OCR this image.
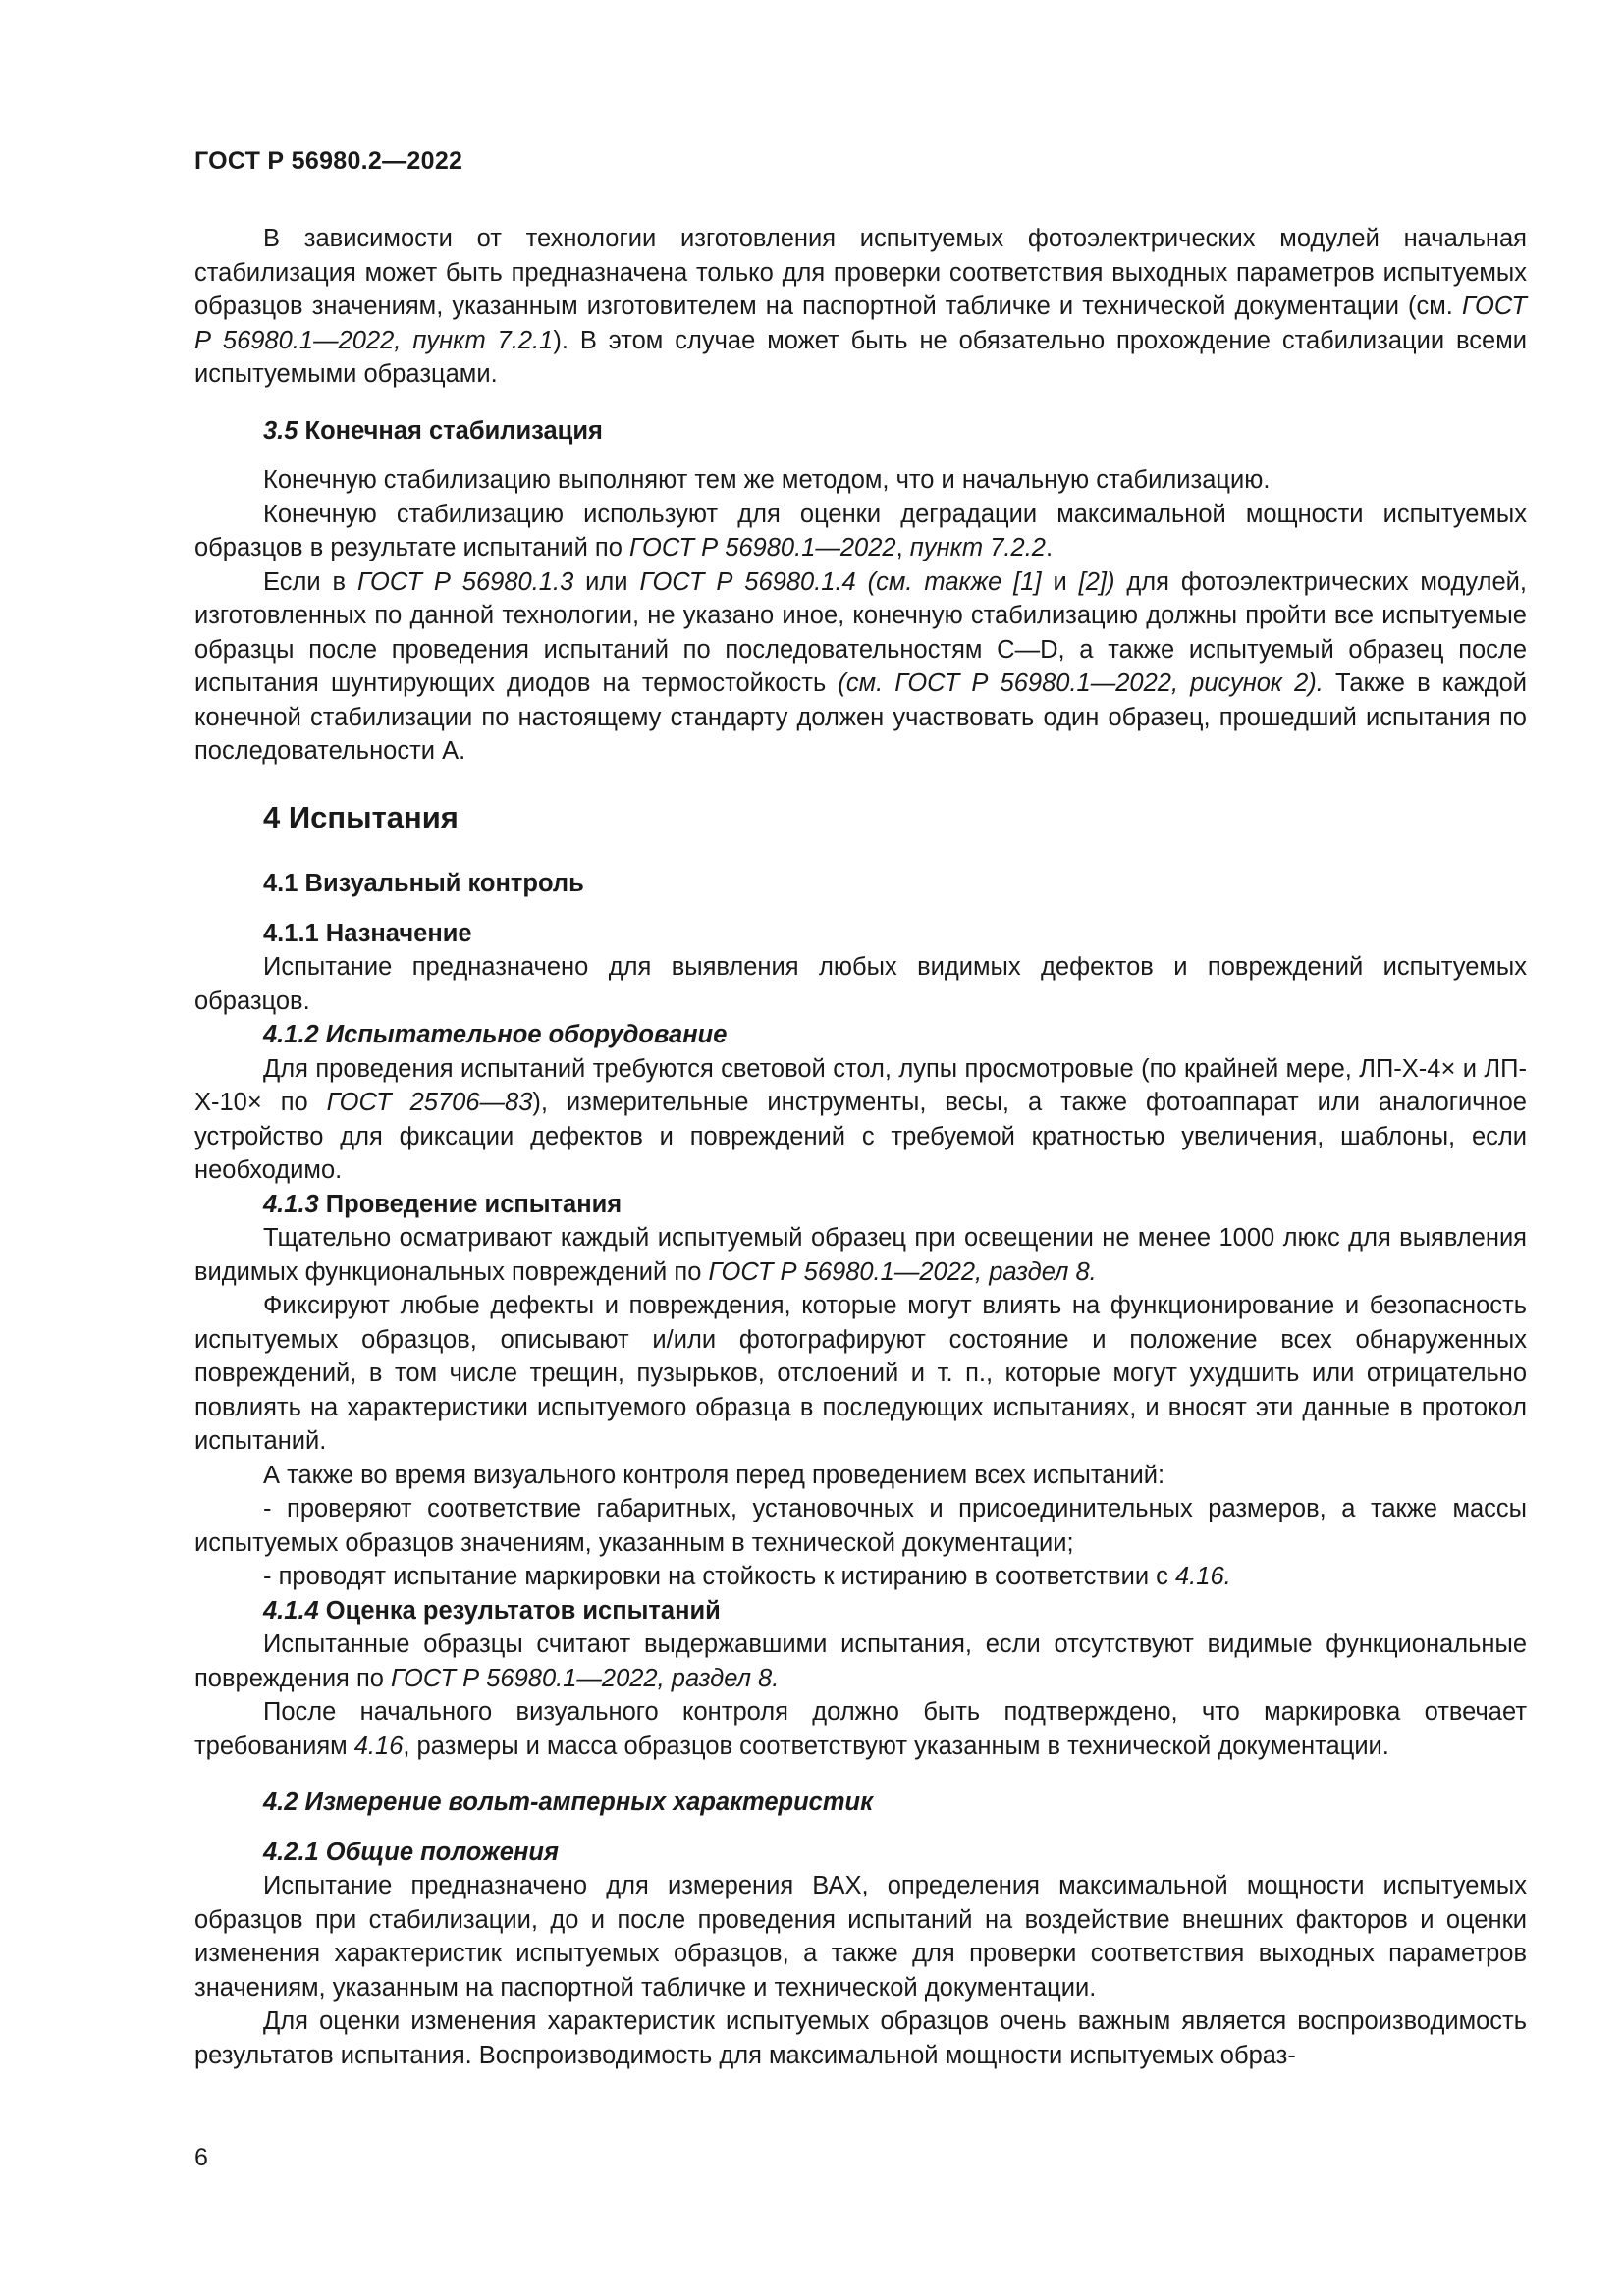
ГОСТ Р 56980.2—2022

В зависимости от технологии изготовления испытуемых фотоэлектрических модулей начальная стабилизация может быть предназначена только для проверки соответствия выходных параметров испытуемых образцов значениям, указанным изготовителем на паспортной табличке и технической документации (см. ГОСТ Р 56980.1—2022, пункт 7.2.1). В этом случае может быть не обязательно прохождение стабилизации всеми испытуемыми образцами.

3.5 Конечная стабилизация

Конечную стабилизацию выполняют тем же методом, что и начальную стабилизацию.

Конечную стабилизацию используют для оценки деградации максимальной мощности испытуемых образцов в результате испытаний по ГОСТ Р 56980.1—2022, пункт 7.2.2.

Если в ГОСТ Р 56980.1.3 или ГОСТ Р 56980.1.4 (см. также [1] и [2]) для фотоэлектрических модулей, изготовленных по данной технологии, не указано иное, конечную стабилизацию должны пройти все испытуемые образцы после проведения испытаний по последовательностям C—D, а также испытуемый образец после испытания шунтирующих диодов на термостойкость (см. ГОСТ Р 56980.1—2022, рисунок 2). Также в каждой конечной стабилизации по настоящему стандарту должен участвовать один образец, прошедший испытания по последовательности А.

4 Испытания

4.1 Визуальный контроль

4.1.1 Назначение

Испытание предназначено для выявления любых видимых дефектов и повреждений испытуемых образцов.

4.1.2 Испытательное оборудование

Для проведения испытаний требуются световой стол, лупы просмотровые (по крайней мере, ЛП-Х-4× и ЛП-Х-10× по ГОСТ 25706—83), измерительные инструменты, весы, а также фотоаппарат или аналогичное устройство для фиксации дефектов и повреждений с требуемой кратностью увеличения, шаблоны, если необходимо.

4.1.3 Проведение испытания

Тщательно осматривают каждый испытуемый образец при освещении не менее 1000 люкс для выявления видимых функциональных повреждений по ГОСТ Р 56980.1—2022, раздел 8.

Фиксируют любые дефекты и повреждения, которые могут влиять на функционирование и безопасность испытуемых образцов, описывают и/или фотографируют состояние и положение всех обнаруженных повреждений, в том числе трещин, пузырьков, отслоений и т. п., которые могут ухудшить или отрицательно повлиять на характеристики испытуемого образца в последующих испытаниях, и вносят эти данные в протокол испытаний.

А также во время визуального контроля перед проведением всех испытаний:

- проверяют соответствие габаритных, установочных и присоединительных размеров, а также массы испытуемых образцов значениям, указанным в технической документации;

- проводят испытание маркировки на стойкость к истиранию в соответствии с 4.16.

4.1.4 Оценка результатов испытаний

Испытанные образцы считают выдержавшими испытания, если отсутствуют видимые функциональные повреждения по ГОСТ Р 56980.1—2022, раздел 8.

После начального визуального контроля должно быть подтверждено, что маркировка отвечает требованиям 4.16, размеры и масса образцов соответствуют указанным в технической документации.

4.2 Измерение вольт-амперных характеристик

4.2.1 Общие положения

Испытание предназначено для измерения ВАХ, определения максимальной мощности испытуемых образцов при стабилизации, до и после проведения испытаний на воздействие внешних факторов и оценки изменения характеристик испытуемых образцов, а также для проверки соответствия выходных параметров значениям, указанным на паспортной табличке и технической документации.

Для оценки изменения характеристик испытуемых образцов очень важным является воспроизводимость результатов испытания. Воспроизводимость для максимальной мощности испытуемых образ-

6
